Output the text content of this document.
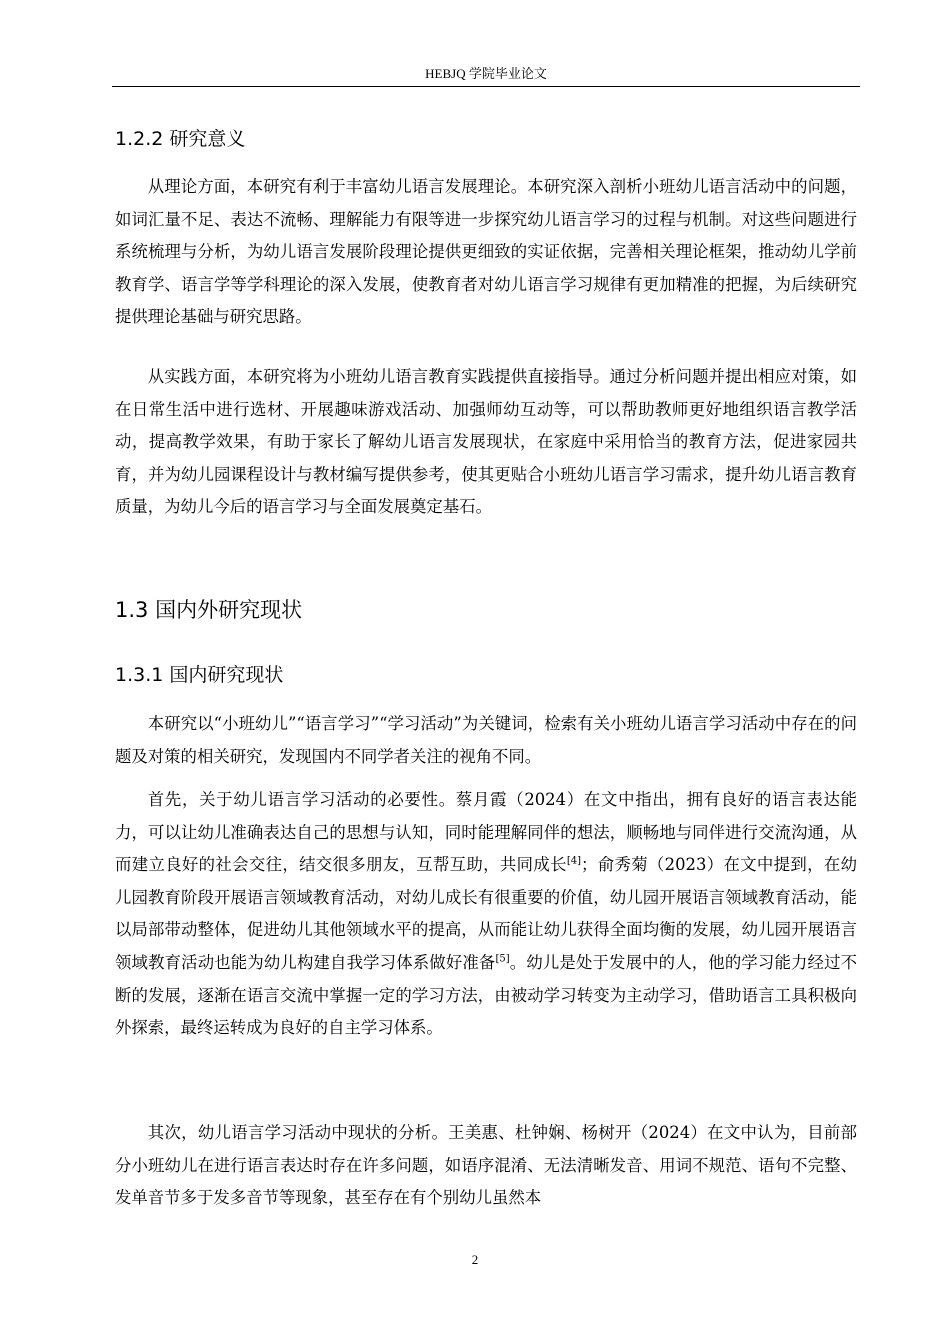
HEBJQ 学院毕业论文
1.2.2 研究意义

从理论方面，本研究有利于丰富幼儿语言发展理论。本研究深入剖析小班幼儿语言活动中的问题，如词汇量不足、表达不流畅、理解能力有限等进一步探究幼儿语言学习的过程与机制。对这些问题进行系统梳理与分析，为幼儿语言发展阶段理论提供更细致的实证依据，完善相关理论框架，推动幼儿学前教育学、语言学等学科理论的深入发展，使教育者对幼儿语言学习规律有更加精准的把握，为后续研究提供理论基础与研究思路。

从实践方面，本研究将为小班幼儿语言教育实践提供直接指导。通过分析问题并提出相应对策，如在日常生活中进行选材、开展趣味游戏活动、加强师幼互动等，可以帮助教师更好地组织语言教学活动，提高教学效果，有助于家长了解幼儿语言发展现状，在家庭中采用恰当的教育方法，促进家园共育，并为幼儿园课程设计与教材编写提供参考，使其更贴合小班幼儿语言学习需求，提升幼儿语言教育质量，为幼儿今后的语言学习与全面发展奠定基石。

1.3 国内外研究现状
1.3.1 国内研究现状

本研究以“小班幼儿”“语言学习”“学习活动”为关键词，检索有关小班幼儿语言学习活动中存在的问题及对策的相关研究，发现国内不同学者关注的视角不同。

首先，关于幼儿语言学习活动的必要性。蔡月霞（2024）在文中指出，拥有良好的语言表达能力，可以让幼儿准确表达自己的思想与认知，同时能理解同伴的想法，顺畅地与同伴进行交流沟通，从而建立良好的社会交往，结交很多朋友，互帮互助，共同成长[4]；俞秀菊（2023）在文中提到，在幼儿园教育阶段开展语言领域教育活动，对幼儿成长有很重要的价值，幼儿园开展语言领域教育活动，能以局部带动整体，促进幼儿其他领域水平的提高，从而能让幼儿获得全面均衡的发展，幼儿园开展语言领域教育活动也能为幼儿构建自我学习体系做好准备[5]。幼儿是处于发展中的人，他的学习能力经过不断的发展，逐渐在语言交流中掌握一定的学习方法，由被动学习转变为主动学习，借助语言工具积极向外探索，最终运转成为良好的自主学习体系。

其次，幼儿语言学习活动中现状的分析。王美惠、杜钟娴、杨树开（2024）在文中认为，目前部分小班幼儿在进行语言表达时存在许多问题，如语序混淆、无法清晰发音、用词不规范、语句不完整、发单音节多于发多音节等现象，甚至存在有个别幼儿虽然本

2
